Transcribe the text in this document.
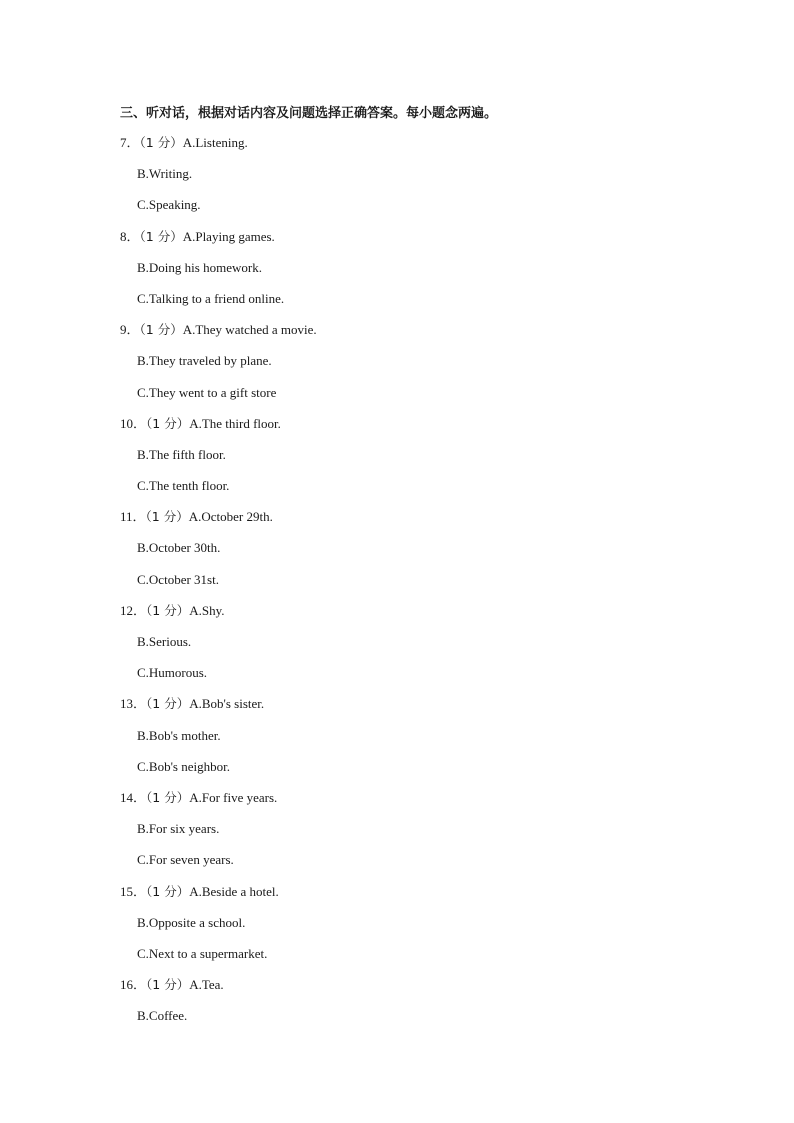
三、听对话，根据对话内容及问题选择正确答案。每小题念两遍。
7．（1 分）A.Listening.
B.Writing.
C.Speaking.
8．（1 分）A.Playing games.
B.Doing his homework.
C.Talking to a friend online.
9．（1 分）A.They watched a movie.
B.They traveled by plane.
C.They went to a gift store
10．（1 分）A.The third floor.
B.The fifth floor.
C.The tenth floor.
11．（1 分）A.October 29th.
B.October 30th.
C.October 31st.
12．（1 分）A.Shy.
B.Serious.
C.Humorous.
13．（1 分）A.Bob's sister.
B.Bob's mother.
C.Bob's neighbor.
14．（1 分）A.For five years.
B.For six years.
C.For seven years.
15．（1 分）A.Beside a hotel.
B.Opposite a school.
C.Next to a supermarket.
16．（1 分）A.Tea.
B.Coffee.
